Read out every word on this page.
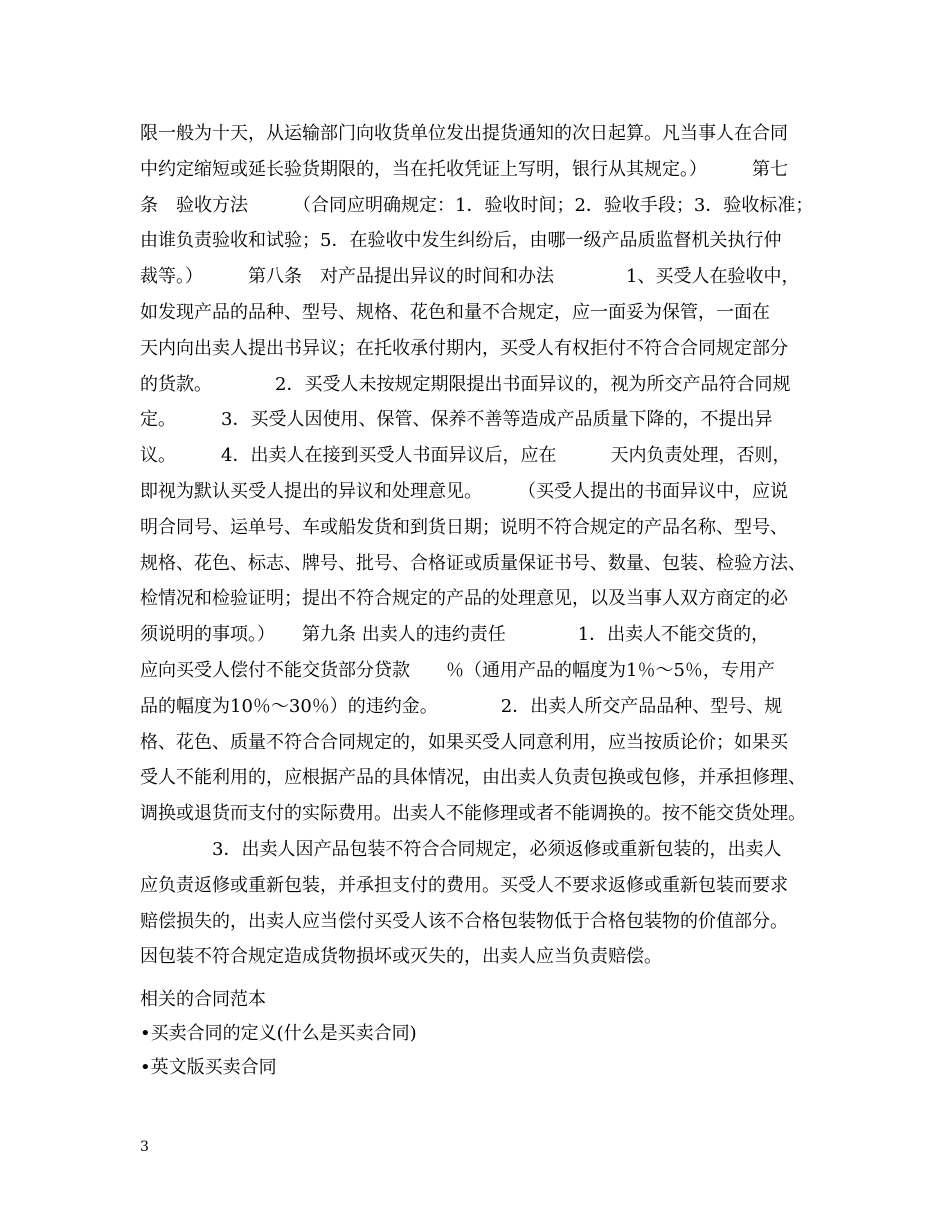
限一般为十天，从运输部门向收货单位发出提货通知的次日起算。凡当事人在合同
中约定缩短或延长验货期限的，当在托收凭证上写明，银行从其规定。）　　　第七
条　验收方法　　　（合同应明确规定：1．验收时间；2．验收手段；3．验收标准；
由谁负责验收和试验；5．在验收中发生纠纷后，由哪一级产品质监督机关执行仲
裁等。）　　　第八条　对产品提出异议的时间和办法　　　　1、买受人在验收中，
如发现产品的品种、型号、规格、花色和量不合规定，应一面妥为保管，一面在
天内向出卖人提出书异议；在托收承付期内，买受人有权拒付不符合合同规定部分
的货款。　　　　2．买受人未按规定期限提出书面异议的，视为所交产品符合同规
定。　　　3．买受人因使用、保管、保养不善等造成产品质量下降的，不提出异
议。　　　4．出卖人在接到买受人书面异议后，应在　　　天内负责处理，否则，
即视为默认买受人提出的异议和处理意见。　　　（买受人提出的书面异议中，应说
明合同号、运单号、车或船发货和到货日期；说明不符合规定的产品名称、型号、
规格、花色、标志、牌号、批号、合格证或质量保证书号、数量、包装、检验方法、
检情况和检验证明；提出不符合规定的产品的处理意见，以及当事人双方商定的必
须说明的事项。）　　第九条 出卖人的违约责任　　　　1．出卖人不能交货的，
应向买受人偿付不能交货部分贷款　　％（通用产品的幅度为1％～5％，专用产
品的幅度为10％～30％）的违约金。　　　　2．出卖人所交产品品种、型号、规
格、花色、质量不符合合同规定的，如果买受人同意利用，应当按质论价；如果买
受人不能利用的，应根据产品的具体情况，由出卖人负责包换或包修，并承担修理、
调换或退货而支付的实际费用。出卖人不能修理或者不能调换的。按不能交货处理。
　　　　3．出卖人因产品包装不符合合同规定，必须返修或重新包装的，出卖人
应负责返修或重新包装，并承担支付的费用。买受人不要求返修或重新包装而要求
赔偿损失的，出卖人应当偿付买受人该不合格包装物低于合格包装物的价值部分。
因包装不符合规定造成货物损坏或灭失的，出卖人应当负责赔偿。
相关的合同范本
•买卖合同的定义(什么是买卖合同)
•英文版买卖合同
3
